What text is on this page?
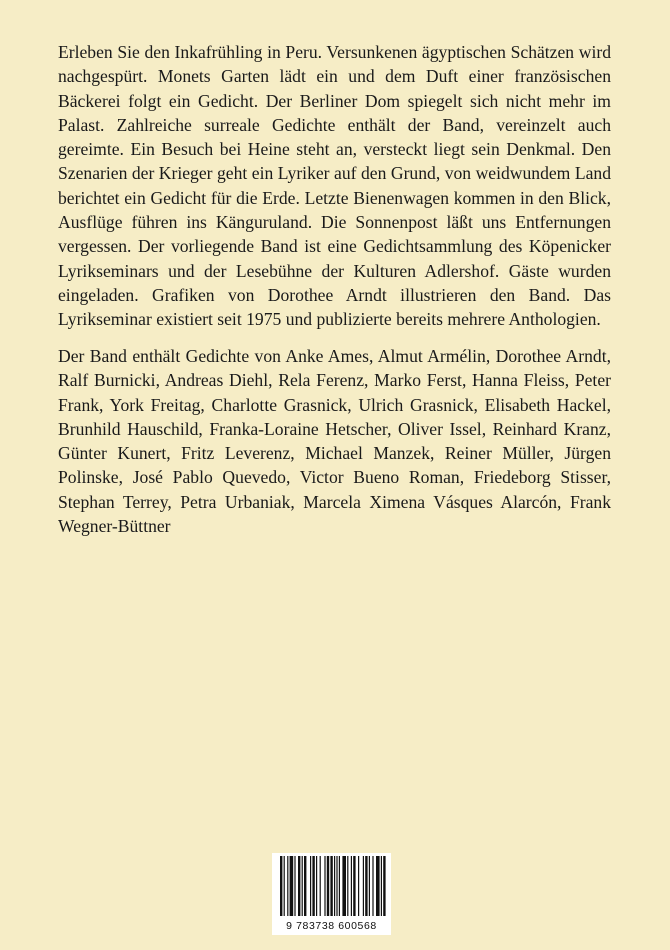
Erleben Sie den Inkafrühling in Peru. Versunkenen ägyptischen Schätzen wird nachgespürt. Monets Garten lädt ein und dem Duft einer französischen Bäckerei folgt ein Gedicht. Der Berliner Dom spiegelt sich nicht mehr im Palast. Zahlreiche surreale Gedichte enthält der Band, vereinzelt auch gereimte. Ein Besuch bei Heine steht an, versteckt liegt sein Denkmal. Den Szenarien der Krieger geht ein Lyriker auf den Grund, von weidwundem Land berichtet ein Gedicht für die Erde. Letzte Bienenwagen kommen in den Blick, Ausflüge führen ins Känguruland. Die Sonnenpost läßt uns Entfernungen vergessen. Der vorliegende Band ist eine Gedichtsammlung des Köpenicker Lyrikseminars und der Lesebühne der Kulturen Adlershof. Gäste wurden eingeladen. Grafiken von Dorothee Arndt illustrieren den Band. Das Lyrikseminar existiert seit 1975 und publizierte bereits mehrere Anthologien.

Der Band enthält Gedichte von Anke Ames, Almut Armélin, Dorothee Arndt, Ralf Burnicki, Andreas Diehl, Rela Ferenz, Marko Ferst, Hanna Fleiss, Peter Frank, York Freitag, Charlotte Grasnick, Ulrich Grasnick, Elisabeth Hackel, Brunhild Hauschild, Franka-Loraine Hetscher, Oliver Issel, Reinhard Kranz, Günter Kunert, Fritz Leverenz, Michael Manzek, Reiner Müller, Jürgen Polinske, José Pablo Quevedo, Victor Bueno Roman, Friedeborg Stisser, Stephan Terrey, Petra Urbaniak, Marcela Ximena Vásques Alarcón, Frank Wegner-Büttner

9 783738 600568
